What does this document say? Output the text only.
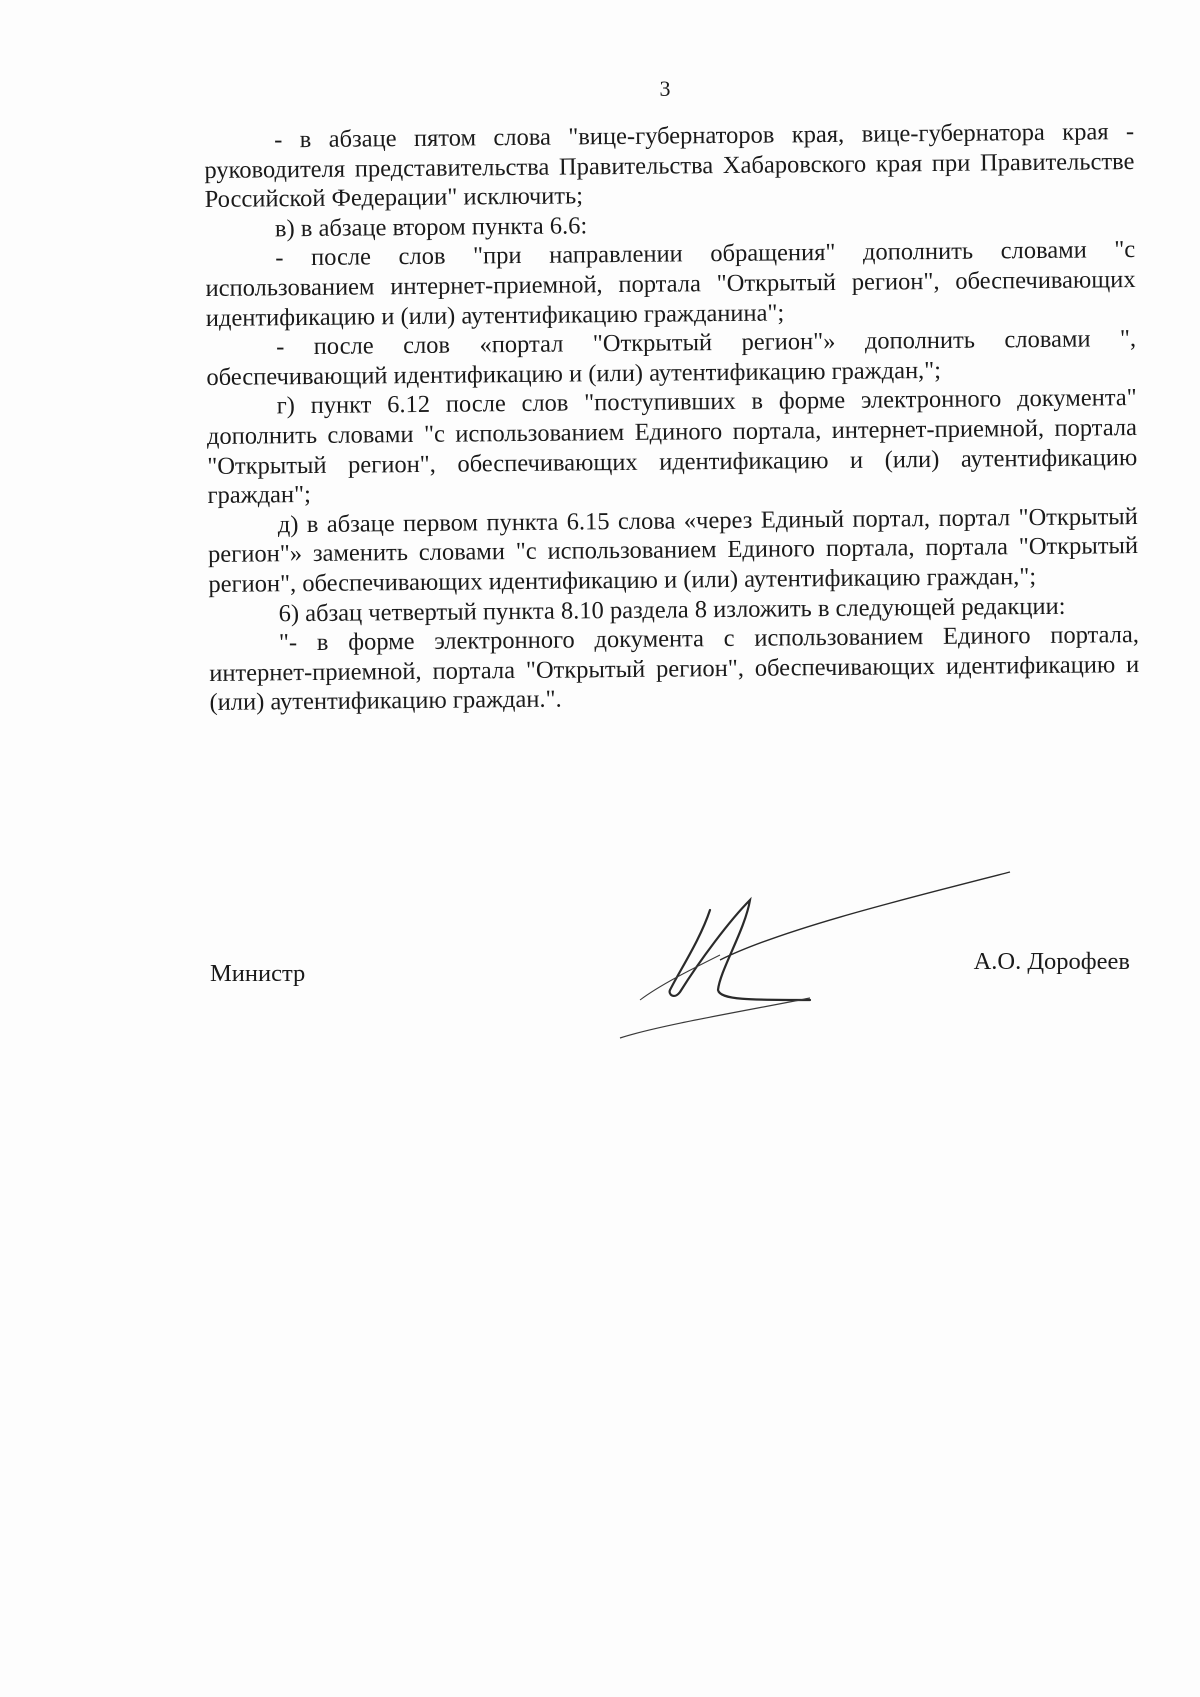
3

- в абзаце пятом слова "вице-губернаторов края, вице-губернатора края - руководителя представительства Правительства Хабаровского края при Правительстве Российской Федерации" исключить;

в) в абзаце втором пункта 6.6:

- после слов "при направлении обращения" дополнить словами "с использованием интернет-приемной, портала "Открытый регион", обеспечивающих идентификацию и (или) аутентификацию гражданина";

- после слов «портал "Открытый регион"» дополнить словами ", обеспечивающий идентификацию и (или) аутентификацию граждан,";

г) пункт 6.12 после слов "поступивших в форме электронного документа" дополнить словами "с использованием Единого портала, интернет-приемной, портала "Открытый регион", обеспечивающих идентификацию и (или) аутентификацию граждан";

д) в абзаце первом пункта 6.15 слова «через Единый портал, портал "Открытый регион"» заменить словами "с использованием Единого портала, портала "Открытый регион", обеспечивающих идентификацию и (или) аутентификацию граждан,";

6) абзац четвертый пункта 8.10 раздела 8 изложить в следующей редакции:

"- в форме электронного документа с использованием Единого портала, интернет-приемной, портала "Открытый регион", обеспечивающих идентификацию и (или) аутентификацию граждан.".

Министр	А.О. Дорофеев
